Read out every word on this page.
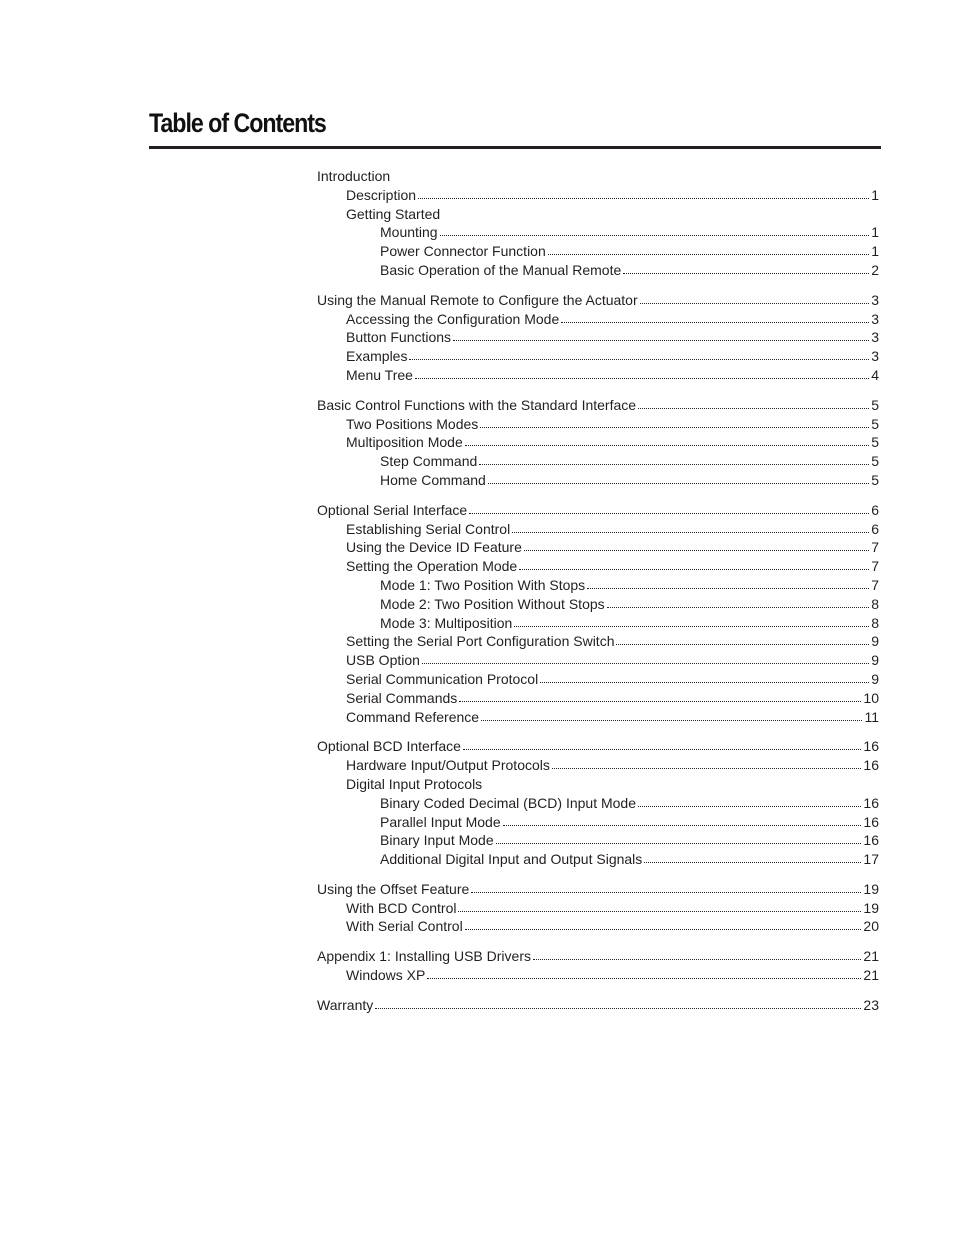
Table of Contents
Introduction
Description	1
Getting Started
Mounting	1
Power Connector Function	1
Basic Operation of the Manual Remote	2
Using the Manual Remote to Configure the Actuator	3
Accessing the Configuration Mode	3
Button Functions	3
Examples	3
Menu Tree	4
Basic Control Functions with the Standard Interface	5
Two Positions Modes	5
Multiposition Mode	5
Step Command	5
Home Command	5
Optional Serial Interface	6
Establishing Serial Control	6
Using the Device ID Feature	7
Setting the Operation Mode	7
Mode 1: Two Position With Stops	7
Mode 2: Two Position Without Stops	8
Mode 3: Multiposition	8
Setting the Serial Port Configuration Switch	9
USB Option	9
Serial Communication Protocol	9
Serial Commands	10
Command Reference	11
Optional BCD Interface	16
Hardware Input/Output Protocols	16
Digital Input Protocols
Binary Coded Decimal (BCD) Input Mode	16
Parallel Input Mode	16
Binary Input Mode	16
Additional Digital Input and Output Signals	17
Using the Offset Feature	19
With BCD Control	19
With Serial Control	20
Appendix 1: Installing USB Drivers	21
Windows XP	21
Warranty	23
